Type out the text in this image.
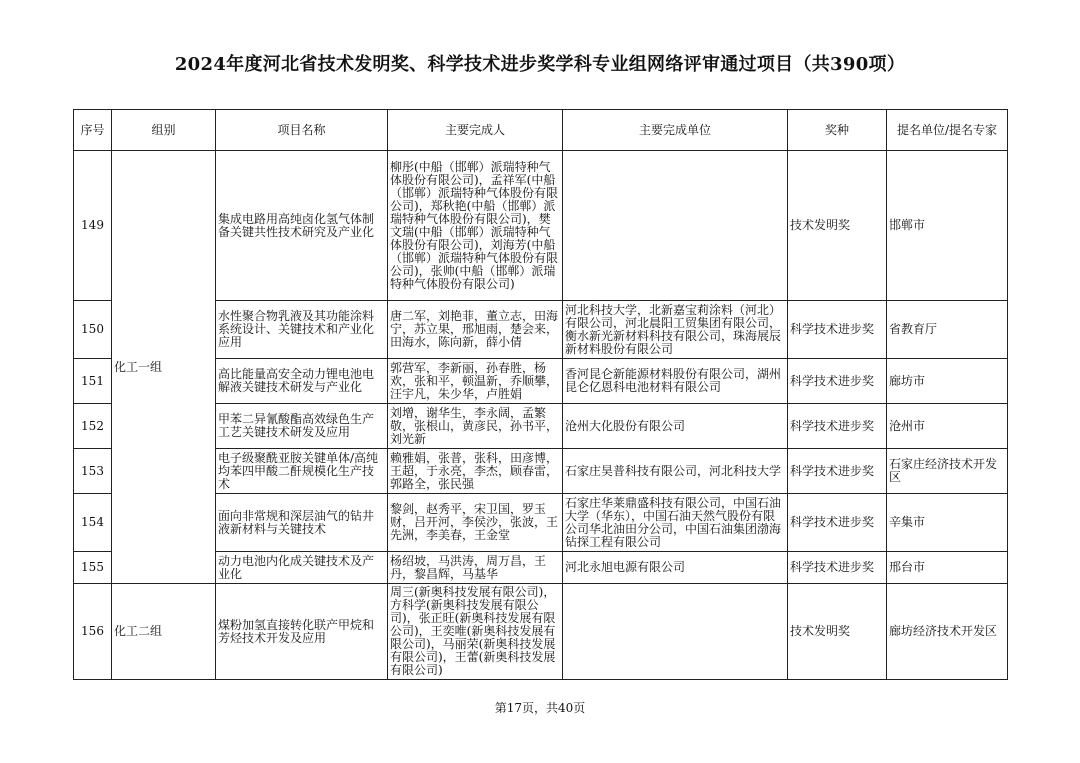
2024年度河北省技术发明奖、科学技术进步奖学科专业组网络评审通过项目（共390项）
序号	组别	项目名称	主要完成人	主要完成单位	奖种	提名单位/提名专家
149	化工一组	集成电路用高纯卤化氢气体制备关键共性技术研究及产业化	柳彤(中船（邯郸）派瑞特种气体股份有限公司)，孟祥军(中船（邯郸）派瑞特种气体股份有限公司)，郑秋艳(中船（邯郸）派瑞特种气体股份有限公司)，樊文瑞(中船（邯郸）派瑞特种气体股份有限公司)，刘海芳(中船（邯郸）派瑞特种气体股份有限公司)，张帅(中船（邯郸）派瑞特种气体股份有限公司)		技术发明奖	邯郸市
150		水性聚合物乳液及其功能涂料系统设计、关键技术和产业化应用	唐二军，刘艳菲，董立志，田海宁，苏立果，邢旭雨，楚会来，田海水，陈向新，薛小倩	河北科技大学，北新嘉宝莉涂料（河北）有限公司，河北晨阳工贸集团有限公司，衡水新光新材料科技有限公司，珠海展辰新材料股份有限公司	科学技术进步奖	省教育厅
151		高比能量高安全动力锂电池电解液关键技术研发与产业化	郭营军，李新丽，孙春胜，杨欢，张和平，顿温新，乔顺攀，汪宇凡，朱少华，卢胜娟	香河昆仑新能源材料股份有限公司，湖州昆仑亿恩科电池材料有限公司	科学技术进步奖	廊坊市
152		甲苯二异氰酸酯高效绿色生产工艺关键技术研发及应用	刘增，谢华生，李永阔，孟繁敬，张根山，黄彦民，孙书平，刘光新	沧州大化股份有限公司	科学技术进步奖	沧州市
153		电子级聚酰亚胺关键单体/高纯均苯四甲酸二酐规模化生产技术	赖雅娟，张普，张科，田彦博，王超，于永亮，李杰，顾春雷，郭路全，张民强	石家庄昊普科技有限公司，河北科技大学	科学技术进步奖	石家庄经济技术开发区
154		面向非常规和深层油气的钻井液新材料与关键技术	黎剑，赵秀平，宋卫国，罗玉财，吕开河，李侯沙，张波，王先洲，李美春，王金堂	石家庄华莱鼎盛科技有限公司，中国石油大学（华东），中国石油天然气股份有限公司华北油田分公司，中国石油集团渤海钻探工程有限公司	科学技术进步奖	辛集市
155		动力电池内化成关键技术及产业化	杨绍坡，马洪涛，周万昌，王丹，黎昌辉，马基华	河北永旭电源有限公司	科学技术进步奖	邢台市
156	化工二组	煤粉加氢直接转化联产甲烷和芳烃技术开发及应用	周三(新奥科技发展有限公司)，方科学(新奥科技发展有限公司)，张正旺(新奥科技发展有限公司)，王奕唯(新奥科技发展有限公司)，马丽荣(新奥科技发展有限公司)，王蕾(新奥科技发展有限公司)		技术发明奖	廊坊经济技术开发区
第17页，共40页
